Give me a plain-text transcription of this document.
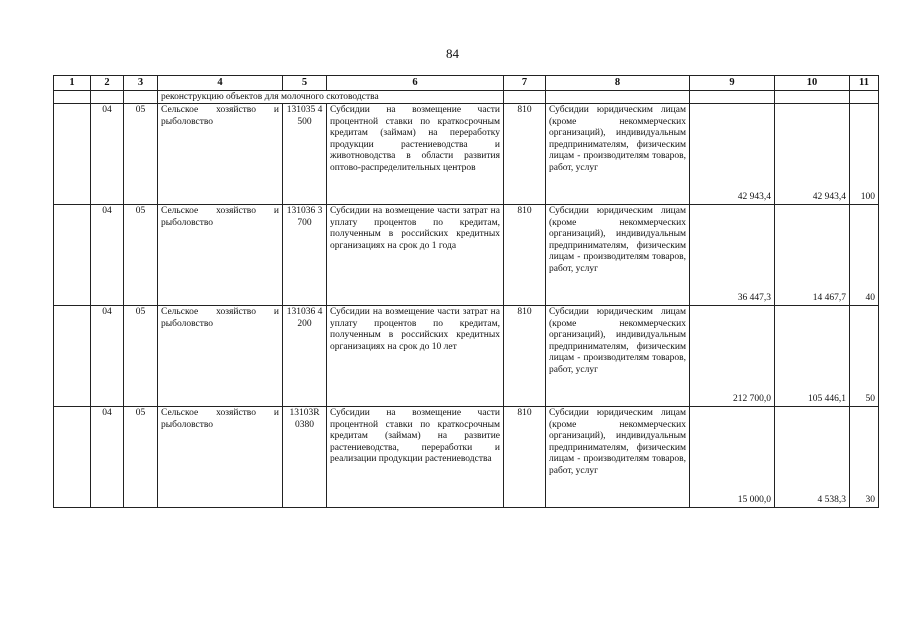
84
1	2	3	4	5	6	7	8	9	10	11
			реконструкцию объектов для молочного скотоводства							
	04	05	Сельское хозяйство и рыболовство	131035 4500	Субсидии на возмещение части процентной ставки по краткосрочным кредитам (займам) на переработку продукции растениеводства и животноводства в области развития оптово-распределительных центров	810	Субсидии юридическим лицам (кроме некоммерческих организаций), индивидуальным предпринимателям, физическим лицам - производителям товаров, работ, услуг	42 943,4	42 943,4	100
	04	05	Сельское хозяйство и рыболовство	131036 3700	Субсидии на возмещение части затрат на уплату процентов по кредитам, полученным в российских кредитных организациях на срок до 1 года	810	Субсидии юридическим лицам (кроме некоммерческих организаций), индивидуальным предпринимателям, физическим лицам - производителям товаров, работ, услуг	36 447,3	14 467,7	40
	04	05	Сельское хозяйство и рыболовство	131036 4200	Субсидии на возмещение части затрат на уплату процентов по кредитам, полученным в российских кредитных организациях на срок до 10 лет	810	Субсидии юридическим лицам (кроме некоммерческих организаций), индивидуальным предпринимателям, физическим лицам - производителям товаров, работ, услуг	212 700,0	105 446,1	50
	04	05	Сельское хозяйство и рыболовство	13103R 0380	Субсидии на возмещение части процентной ставки по краткосрочным кредитам (займам) на развитие растениеводства, переработки и реализации продукции растениеводства	810	Субсидии юридическим лицам (кроме некоммерческих организаций), индивидуальным предпринимателям, физическим лицам - производителям товаров, работ, услуг	15 000,0	4 538,3	30
